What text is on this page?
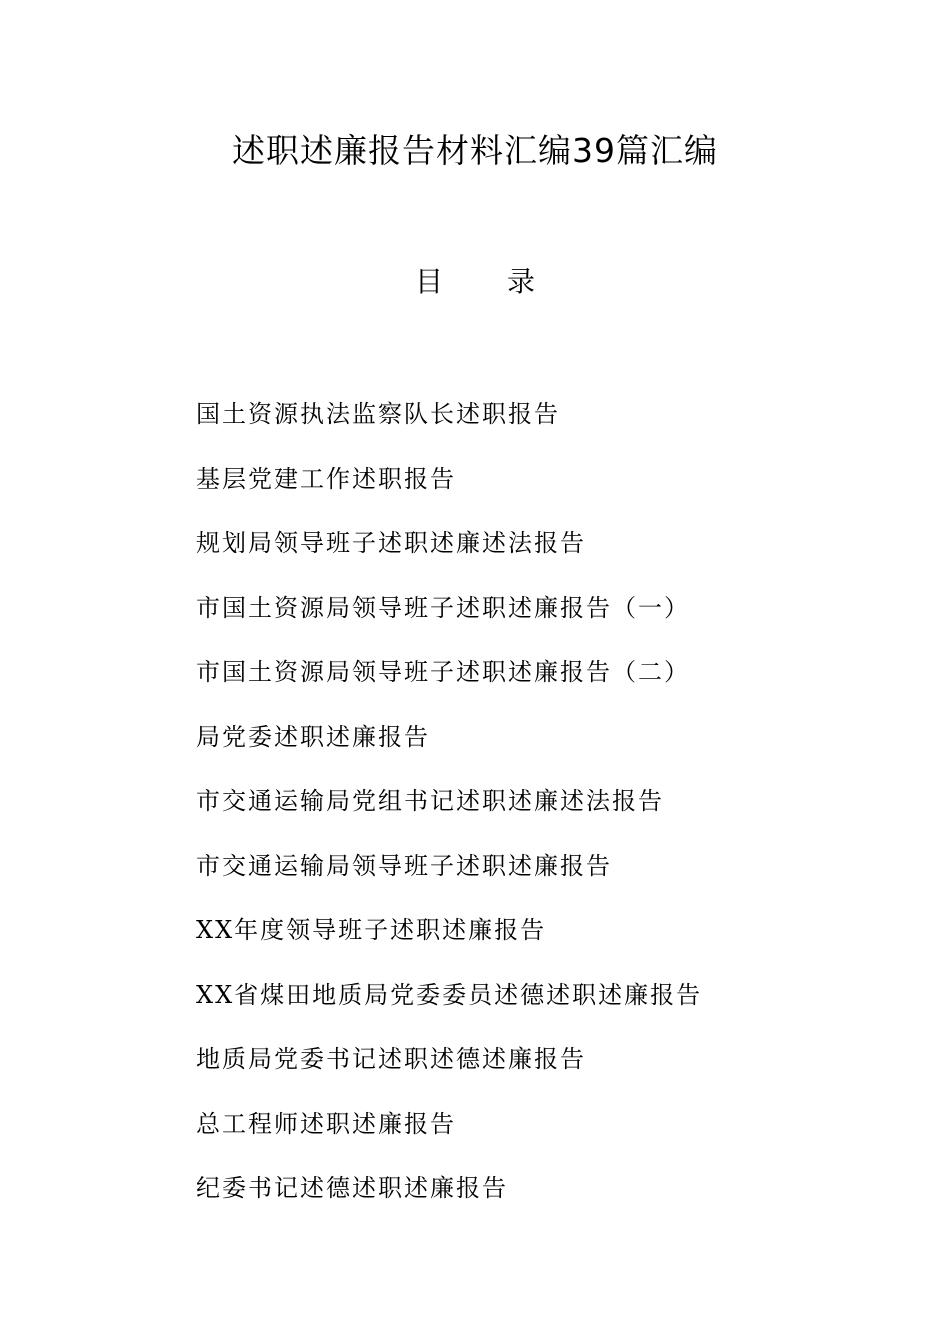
述职述廉报告材料汇编39篇汇编
目 录
国土资源执法监察队长述职报告
基层党建工作述职报告
规划局领导班子述职述廉述法报告
市国土资源局领导班子述职述廉报告（一）
市国土资源局领导班子述职述廉报告（二）
局党委述职述廉报告
市交通运输局党组书记述职述廉述法报告
市交通运输局领导班子述职述廉报告
XX年度领导班子述职述廉报告
XX省煤田地质局党委委员述德述职述廉报告
地质局党委书记述职述德述廉报告
总工程师述职述廉报告
纪委书记述德述职述廉报告
